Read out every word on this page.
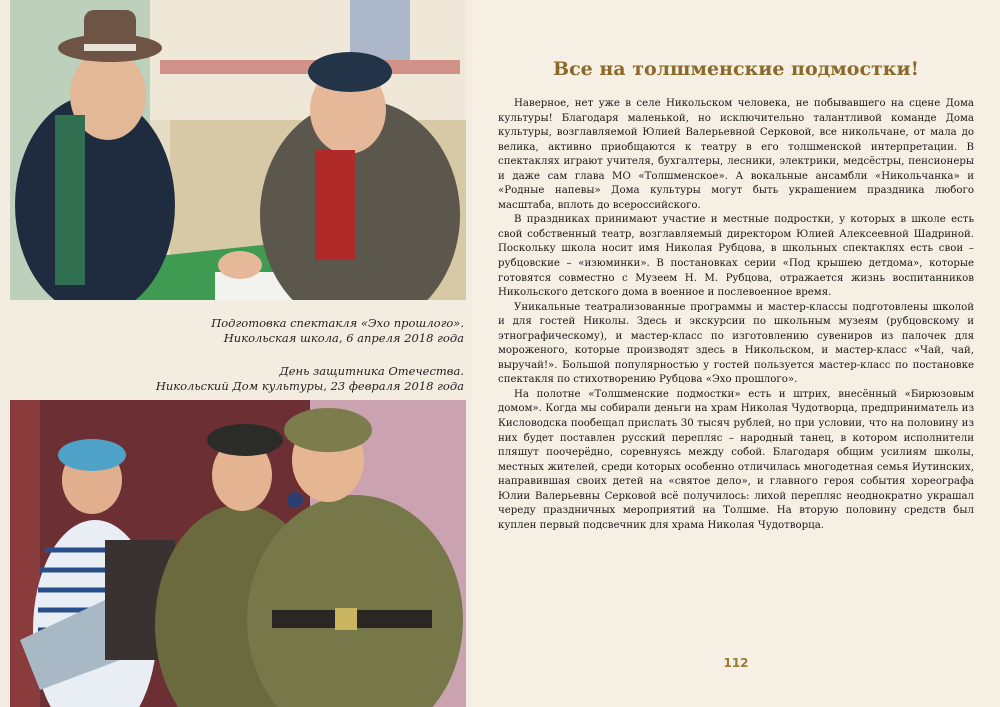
Подготовка спектакля «Эхо прошлого».
Никольская школа, 6 апреля 2018 года
День защитника Отечества.
Никольский Дом культуры, 23 февраля 2018 года
Все на толшменские подмостки!

Наверное, нет уже в селе Никольском человека, не побывавшего на сцене Дома культуры! Благодаря маленькой, но исключительно талантливой команде Дома культуры, возглавляемой Юлией Валерьевной Серковой, все никольчане, от мала до велика, активно приобщаются к театру в его толшменской интерпретации. В спектаклях играют учителя, бухгалтеры, лесники, электрики, медсёстры, пенсионеры и даже сам глава МО «Толшменское». А вокальные ансамбли «Никольчанка» и «Родные напевы» Дома культуры могут быть украшением праздника любого масштаба, вплоть до всероссийского.

В праздниках принимают участие и местные подростки, у которых в школе есть свой собственный театр, возглавляемый директором Юлией Алексеевной Шадриной. Поскольку школа носит имя Николая Рубцова, в школьных спектаклях есть свои – рубцовские – «изюминки». В постановках серии «Под крышею детдома», которые готовятся совместно с Музеем Н. М. Рубцова, отражается жизнь воспитанников Никольского детского дома в военное и послевоенное время.

Уникальные театрализованные программы и мастер-классы подготовлены школой и для гостей Николы. Здесь и экскурсии по школьным музеям (рубцовскому и этнографическому), и мастер-класс по изготовлению сувениров из палочек для мороженого, которые производят здесь в Никольском, и мастер-класс «Чай, чай, выручай!». Большой популярностью у гостей пользуется мастер-класс по постановке спектакля по стихотворению Рубцова «Эхо прошлого».

На полотне «Толшменские подмостки» есть и штрих, внесённый «Бирюзовым домом». Когда мы собирали деньги на храм Николая Чудотворца, предприниматель из Кисловодска пообещал прислать 30 тысяч рублей, но при условии, что на половину из них будет поставлен русский перепляс – народный танец, в котором исполнители пляшут поочерёдно, соревнуясь между собой. Благодаря общим усилиям школы, местных жителей, среди которых особенно отличилась многодетная семья Иутинских, направившая своих детей на «святое дело», и главного героя события хореографа Юлии Валерьевны Серковой всё получилось: лихой перепляс неоднократно украшал череду праздничных мероприятий на Толшме. На вторую половину средств был куплен первый подсвечник для храма Николая Чудотворца.

112
